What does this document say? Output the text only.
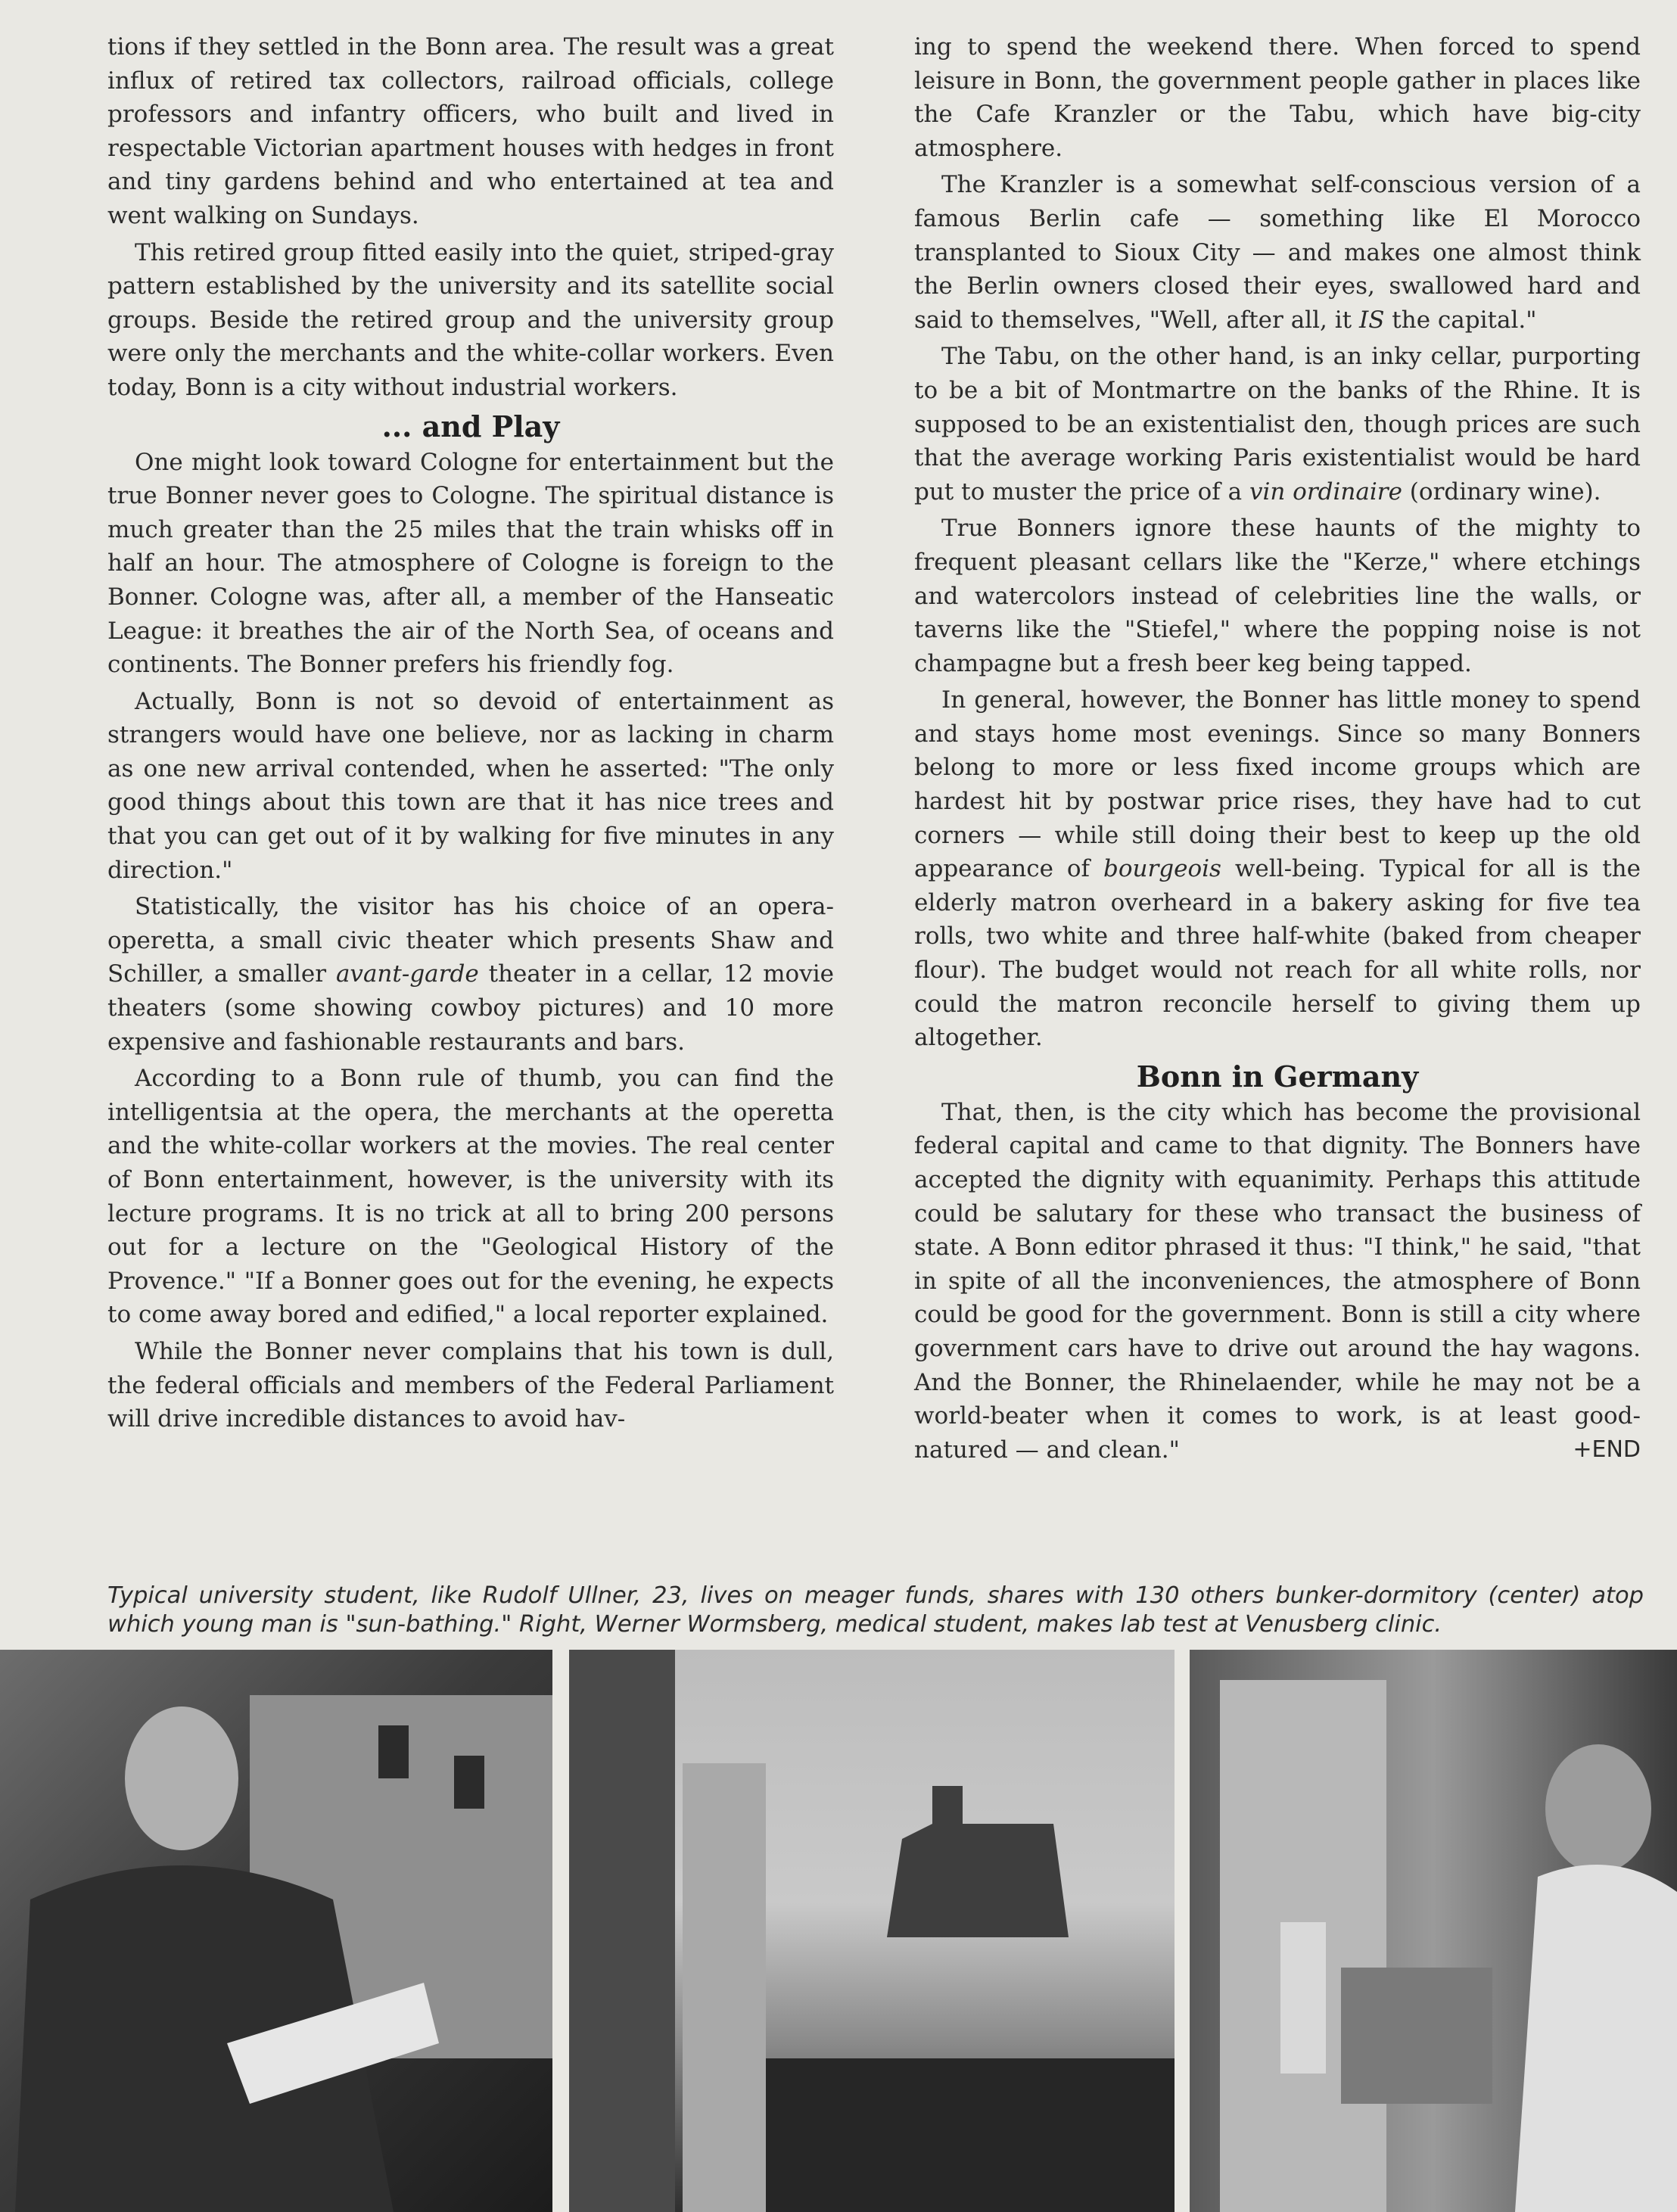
tions if they settled in the Bonn area. The result was a great influx of retired tax collectors, railroad officials, college professors and infantry officers, who built and lived in respectable Victorian apartment houses with hedges in front and tiny gardens behind and who entertained at tea and went walking on Sundays.

This retired group fitted easily into the quiet, striped-gray pattern established by the university and its satellite social groups. Beside the retired group and the university group were only the merchants and the white-collar workers. Even today, Bonn is a city without industrial workers.

... and Play

One might look toward Cologne for entertainment but the true Bonner never goes to Cologne. The spiritual distance is much greater than the 25 miles that the train whisks off in half an hour. The atmosphere of Cologne is foreign to the Bonner. Cologne was, after all, a member of the Hanseatic League: it breathes the air of the North Sea, of oceans and continents. The Bonner prefers his friendly fog.

Actually, Bonn is not so devoid of entertainment as strangers would have one believe, nor as lacking in charm as one new arrival contended, when he asserted: "The only good things about this town are that it has nice trees and that you can get out of it by walking for five minutes in any direction."

Statistically, the visitor has his choice of an opera-operetta, a small civic theater which presents Shaw and Schiller, a smaller avant-garde theater in a cellar, 12 movie theaters (some showing cowboy pictures) and 10 more expensive and fashionable restaurants and bars.

According to a Bonn rule of thumb, you can find the intelligentsia at the opera, the merchants at the operetta and the white-collar workers at the movies. The real center of Bonn entertainment, however, is the university with its lecture programs. It is no trick at all to bring 200 persons out for a lecture on the "Geological History of the Provence." "If a Bonner goes out for the evening, he expects to come away bored and edified," a local reporter explained.

While the Bonner never complains that his town is dull, the federal officials and members of the Federal Parliament will drive incredible distances to avoid hav-

ing to spend the weekend there. When forced to spend leisure in Bonn, the government people gather in places like the Cafe Kranzler or the Tabu, which have big-city atmosphere.

The Kranzler is a somewhat self-conscious version of a famous Berlin cafe — something like El Morocco transplanted to Sioux City — and makes one almost think the Berlin owners closed their eyes, swallowed hard and said to themselves, "Well, after all, it IS the capital."

The Tabu, on the other hand, is an inky cellar, purporting to be a bit of Montmartre on the banks of the Rhine. It is supposed to be an existentialist den, though prices are such that the average working Paris existentialist would be hard put to muster the price of a vin ordinaire (ordinary wine).

True Bonners ignore these haunts of the mighty to frequent pleasant cellars like the "Kerze," where etchings and watercolors instead of celebrities line the walls, or taverns like the "Stiefel," where the popping noise is not champagne but a fresh beer keg being tapped.

In general, however, the Bonner has little money to spend and stays home most evenings. Since so many Bonners belong to more or less fixed income groups which are hardest hit by postwar price rises, they have had to cut corners — while still doing their best to keep up the old appearance of bourgeois well-being. Typical for all is the elderly matron overheard in a bakery asking for five tea rolls, two white and three half-white (baked from cheaper flour). The budget would not reach for all white rolls, nor could the matron reconcile herself to giving them up altogether.

Bonn in Germany

That, then, is the city which has become the provisional federal capital and came to that dignity. The Bonners have accepted the dignity with equanimity. Perhaps this attitude could be salutary for these who transact the business of state. A Bonn editor phrased it thus: "I think," he said, "that in spite of all the inconveniences, the atmosphere of Bonn could be good for the government. Bonn is still a city where government cars have to drive out around the hay wagons. And the Bonner, the Rhinelaender, while he may not be a world-beater when it comes to work, is at least good-natured — and clean."	+END

Typical university student, like Rudolf Ullner, 23, lives on meager funds, shares with 130 others bunker-dormitory (center) atop which young man is "sun-bathing." Right, Werner Wormsberg, medical student, makes lab test at Venusberg clinic.
